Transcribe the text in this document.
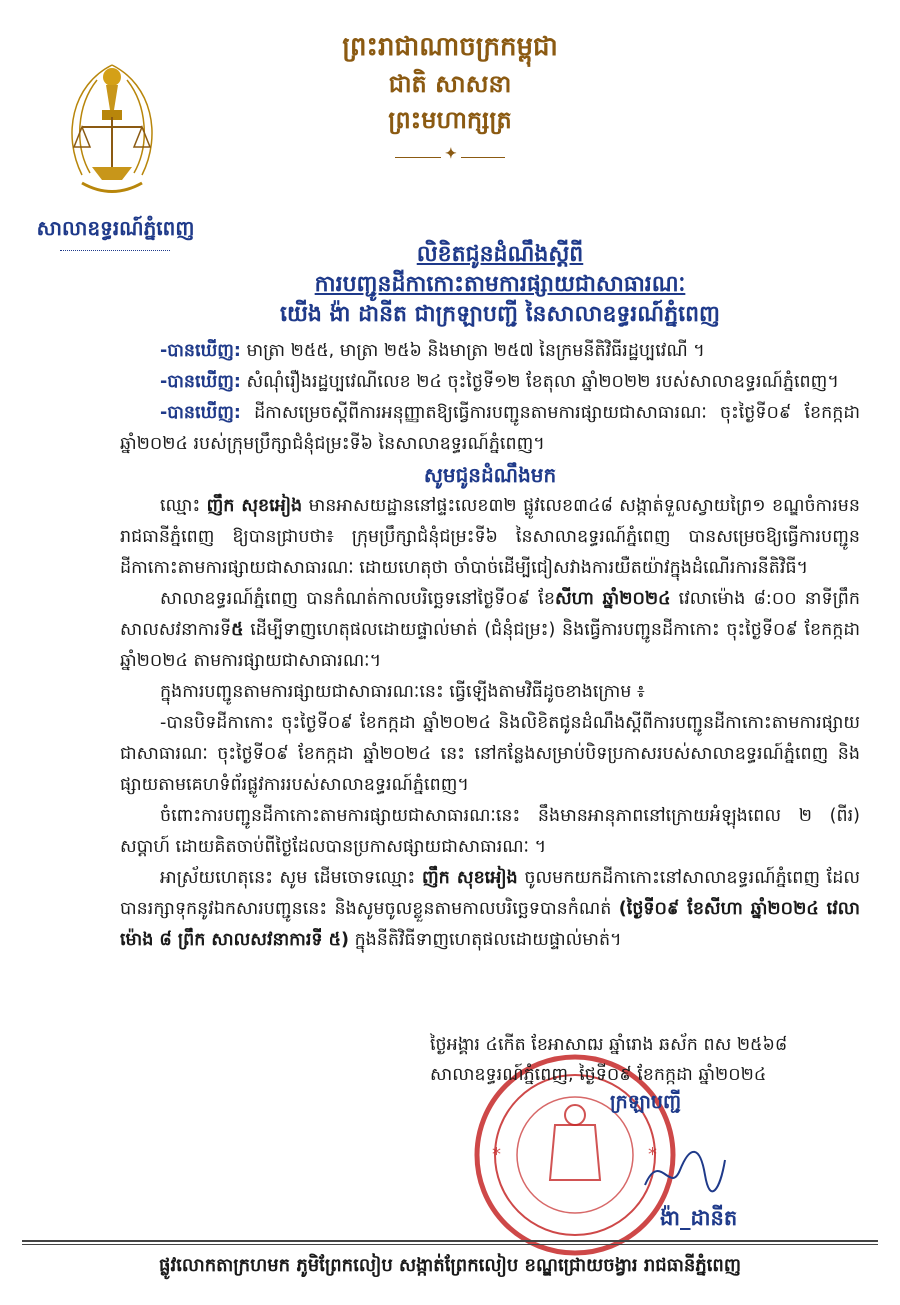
សាលាឧទ្ធរណ៍ភ្នំពេញ
ព្រះរាជាណាចក្រកម្ពុជា
ជាតិ សាសនា ព្រះមហាក្សត្រ
✦
លិខិតជូនដំណឹងស្តីពី
ការបញ្ជូនដីកាកោះតាមការផ្សាយជាសាធារណៈ
យើង ង៉ា ដានីត ជាក្រឡាបញ្ជី នៃសាលាឧទ្ធរណ៍ភ្នំពេញ

-បានឃើញ: មាត្រា ២៥៥, មាត្រា ២៥៦ និងមាត្រា ២៥៧ នៃក្រមនីតិវិធីរដ្ឋប្បវេណី ។

-បានឃើញ: សំណុំរឿងរដ្ឋប្បវេណីលេខ ២៤ ចុះថ្ងៃទី១២ ខែតុលា ឆ្នាំ២០២២ របស់សាលាឧទ្ធរណ៍ភ្នំពេញ។

-បានឃើញ: ដីកាសម្រេចស្តីពីការអនុញ្ញាតឱ្យធ្វើការបញ្ជូនតាមការផ្សាយជាសាធារណៈ ចុះថ្ងៃទី០៩ ខែកក្កដា ឆ្នាំ២០២៤ របស់ក្រុមប្រឹក្សាជំនុំជម្រះទី៦ នៃសាលាឧទ្ធរណ៍ភ្នំពេញ។

សូមជូនដំណឹងមក

ឈ្មោះ ញឹក សុខអៀង មានអាសយដ្ឋាននៅផ្ទះលេខ៣២ ផ្លូវលេខ៣៤៨ សង្កាត់ទួលស្វាយព្រៃ១ ខណ្ឌចំការមន រាជធានីភ្នំពេញ ឱ្យបានជ្រាបថា៖ ក្រុមប្រឹក្សាជំនុំជម្រះទី៦ នៃសាលាឧទ្ធរណ៍ភ្នំពេញ បានសម្រេចឱ្យធ្វើការបញ្ជូនដីកាកោះតាមការផ្សាយជាសាធារណៈ ដោយហេតុថា ចាំបាច់ដើម្បីជៀសវាងការយឺតយ៉ាវក្នុងដំណើរការនីតិវិធី។

សាលាឧទ្ធរណ៍ភ្នំពេញ បានកំណត់កាលបរិច្ឆេទនៅថ្ងៃទី០៩ ខែសីហា ឆ្នាំ២០២៤ វេលាម៉ោង ៨:០០ នាទីព្រឹក សាលសវនាការទី៥ ដើម្បីទាញហេតុផលដោយផ្ទាល់មាត់ (ជំនុំជម្រះ) និងធ្វើការបញ្ជូនដីកាកោះ ចុះថ្ងៃទី០៩ ខែកក្កដា ឆ្នាំ២០២៤ តាមការផ្សាយជាសាធារណៈ។

ក្នុងការបញ្ជូនតាមការផ្សាយជាសាធារណៈនេះ ធ្វើឡើងតាមវិធីដូចខាងក្រោម ៖

-បានបិទដីកាកោះ ចុះថ្ងៃទី០៩ ខែកក្កដា ឆ្នាំ២០២៤ និងលិខិតជូនដំណឹងស្តីពីការបញ្ជូនដីកាកោះតាមការផ្សាយជាសាធារណៈ ចុះថ្ងៃទី០៩ ខែកក្កដា ឆ្នាំ២០២៤ នេះ នៅកន្លែងសម្រាប់បិទប្រកាសរបស់សាលាឧទ្ធរណ៍ភ្នំពេញ និងផ្សាយតាមគេហទំព័រផ្លូវការរបស់សាលាឧទ្ធរណ៍ភ្នំពេញ។

ចំពោះការបញ្ជូនដីកាកោះតាមការផ្សាយជាសាធារណៈនេះ នឹងមានអានុភាពនៅក្រោយអំឡុងពេល ២ (ពីរ) សប្តាហ៍ ដោយគិតចាប់ពីថ្ងៃដែលបានប្រកាសផ្សាយជាសាធារណៈ ។

អាស្រ័យហេតុនេះ សូម ដើមចោទឈ្មោះ ញឹក សុខអៀង ចូលមកយកដីកាកោះនៅសាលាឧទ្ធរណ៍ភ្នំពេញ ដែលបានរក្សាទុកនូវឯកសារបញ្ជូននេះ និងសូមចូលខ្លួនតាមកាលបរិច្ឆេទបានកំណត់ (ថ្ងៃទី០៩ ខែសីហា ឆ្នាំ២០២៤ វេលាម៉ោង ៨ ព្រឹក សាលសវនាការទី ៥) ក្នុងនីតិវិធីទាញហេតុផលដោយផ្ទាល់មាត់។

*	*
ថ្ងៃអង្គារ ៤កើត ខែអាសាឍ ឆ្នាំរោង ឆស័ក ពស ២៥៦៨
សាលាឧទ្ធរណ៍ភ្នំពេញ, ថ្ងៃទី០៩ ខែកក្កដា ឆ្នាំ២០២៤
ក្រឡាបញ្ជី
ង៉ា_ដានីត
ផ្លូវលោកតាក្រហមក ភូមិព្រែកលៀប សង្កាត់ព្រែកលៀប ខណ្ឌជ្រោយចង្វារ រាជធានីភ្នំពេញ
